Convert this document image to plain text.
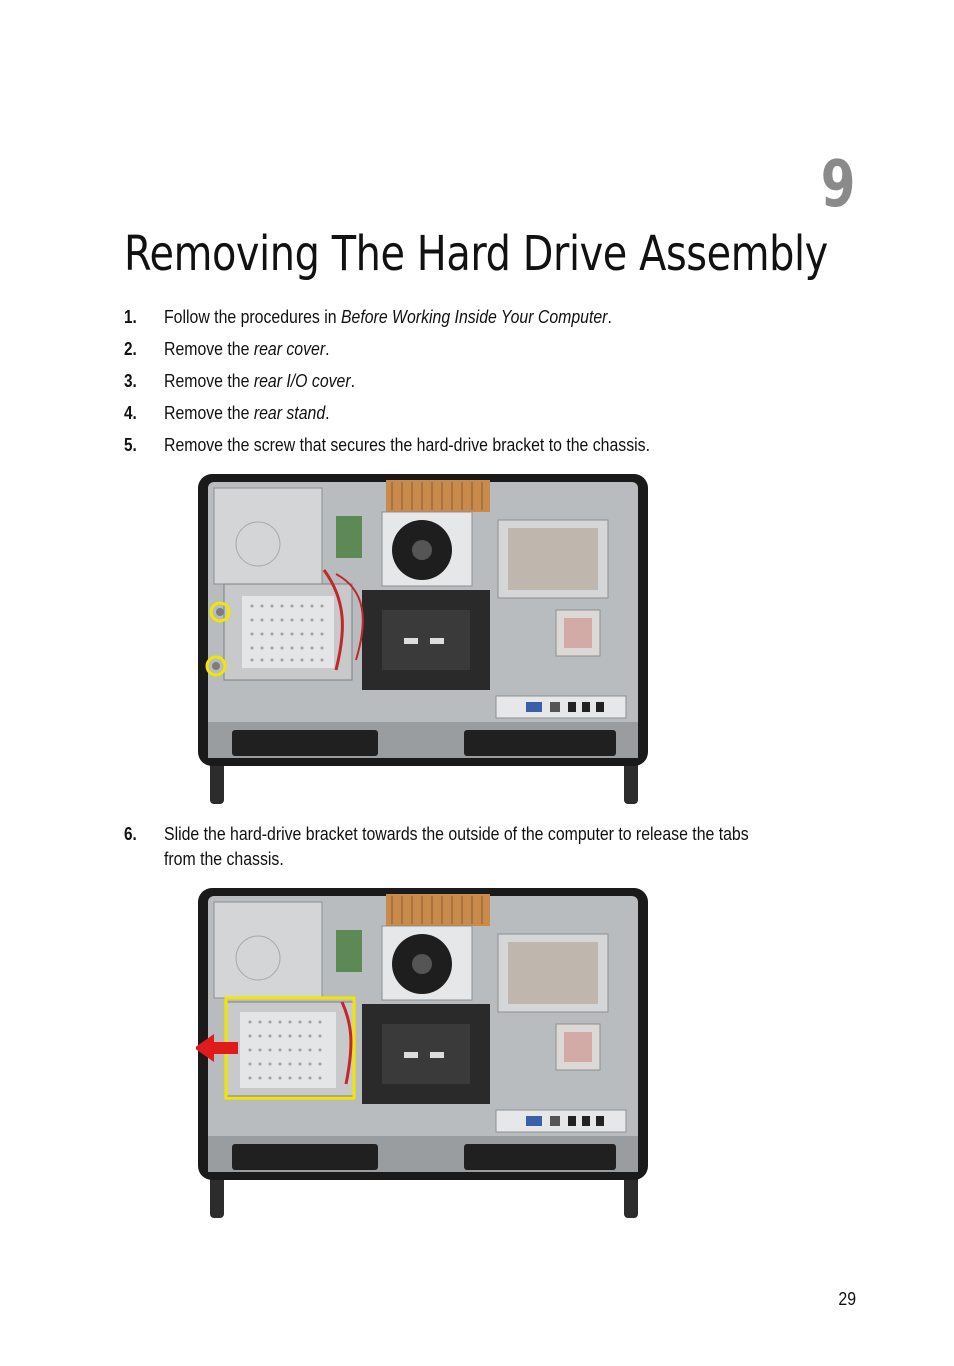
9
Removing The Hard Drive Assembly
1. Follow the procedures in Before Working Inside Your Computer.
2. Remove the rear cover.
3. Remove the rear I/O cover.
4. Remove the rear stand.
5. Remove the screw that secures the hard-drive bracket to the chassis.
6. Slide the hard-drive bracket towards the outside of the computer to release the tabs
from the chassis.
29
